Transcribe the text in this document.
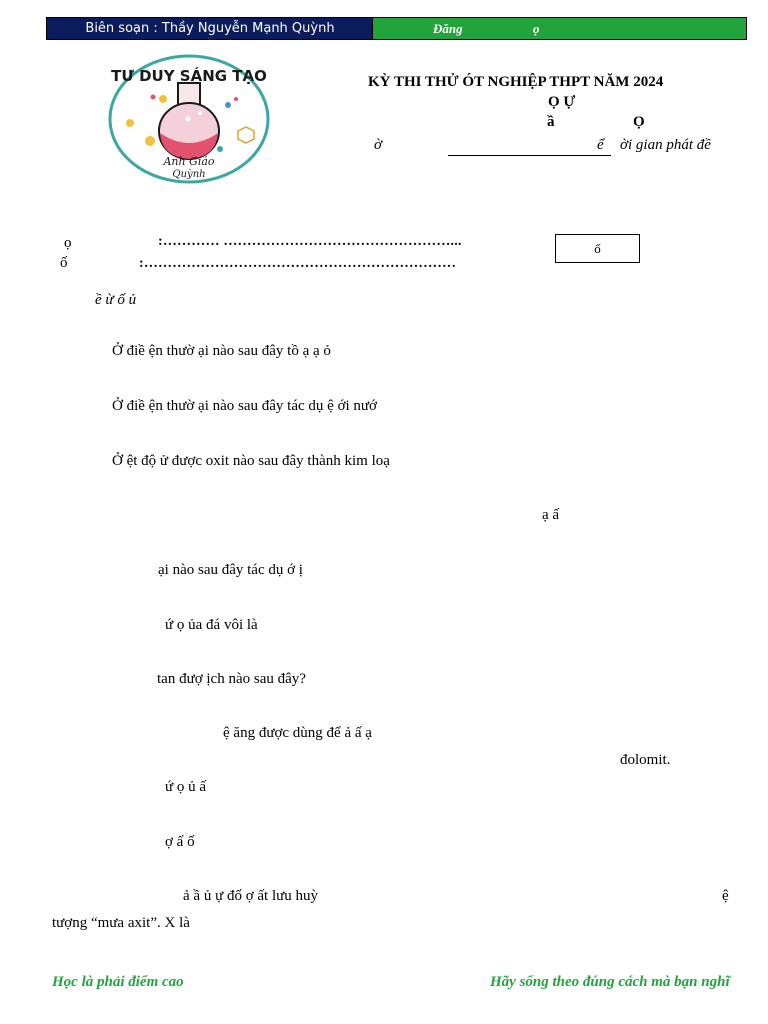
Biên soạn : Thầy Nguyễn Mạnh Quỳnh	Đăng	ọ
TƯ DUY SÁNG TẠO
Anh Giáo
Quỳnh
KỲ THI THỬ ÓT NGHIỆP THPT NĂM 2024
Ọ Ự
ầ	Ọ
ờ	ể ời gian phát đề
ọ	:………… …………………………………………...
ố	:…………………………………………………………
ố
ề ừ ố ủ
Ở điề ện thườ ại nào sau đây tồ ạ ạ ỏ
Ở điề ện thườ ại nào sau đây tác dụ ệ ới nướ
Ở ệt độ ử được oxit nào sau đây thành kim loạ
ạ ấ
ại nào sau đây tác dụ ớ ị
ứ ọ ủa đá vôi là
tan đượ ịch nào sau đây?
ệ ăng được dùng để ả ấ ạ
đolomit.
ứ ọ ủ ấ
ợ ấ ố
ả ầ ủ ự đố ợ ất lưu huỳ	ệ
tượng “mưa axit”. X là
Học là phải điểm cao	Hãy sống theo đúng cách mà bạn nghĩ
